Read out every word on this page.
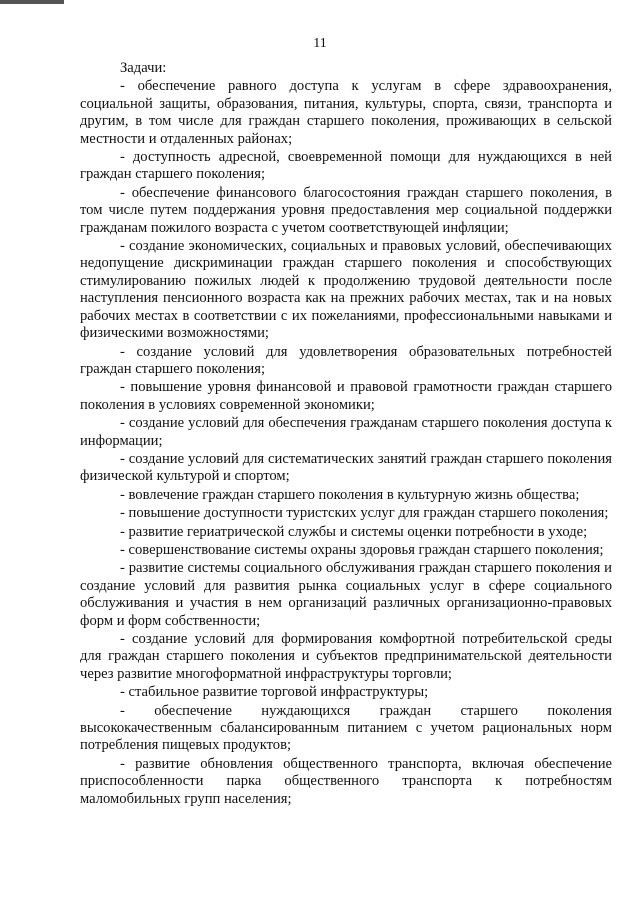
11

Задачи:

- обеспечение равного доступа к услугам в сфере здравоохранения, социальной защиты, образования, питания, культуры, спорта, связи, транспорта и другим, в том числе для граждан старшего поколения, проживающих в сельской местности и отдаленных районах;

- доступность адресной, своевременной помощи для нуждающихся в ней граждан старшего поколения;

- обеспечение финансового благосостояния граждан старшего поколения, в том числе путем поддержания уровня предоставления мер социальной поддержки гражданам пожилого возраста с учетом соответствующей инфляции;

- создание экономических, социальных и правовых условий, обеспечивающих недопущение дискриминации граждан старшего поколения и способствующих стимулированию пожилых людей к продолжению трудовой деятельности после наступления пенсионного возраста как на прежних рабочих местах, так и на новых рабочих местах в соответствии с их пожеланиями, профессиональными навыками и физическими возможностями;

- создание условий для удовлетворения образовательных потребностей граждан старшего поколения;

- повышение уровня финансовой и правовой грамотности граждан старшего поколения в условиях современной экономики;

- создание условий для обеспечения гражданам старшего поколения доступа к информации;

- создание условий для систематических занятий граждан старшего поколения физической культурой и спортом;

- вовлечение граждан старшего поколения в культурную жизнь общества;

- повышение доступности туристских услуг для граждан старшего поколения;

- развитие гериатрической службы и системы оценки потребности в уходе;

- совершенствование системы охраны здоровья граждан старшего поколения;

- развитие системы социального обслуживания граждан старшего поколения и создание условий для развития рынка социальных услуг в сфере социального обслуживания и участия в нем организаций различных организационно-правовых форм и форм собственности;

- создание условий для формирования комфортной потребительской среды для граждан старшего поколения и субъектов предпринимательской деятельности через развитие многоформатной инфраструктуры торговли;

- стабильное развитие торговой инфраструктуры;

- обеспечение нуждающихся граждан старшего поколения высококачественным сбалансированным питанием с учетом рациональных норм потребления пищевых продуктов;

- развитие обновления общественного транспорта, включая обеспечение приспособленности парка общественного транспорта к потребностям маломобильных групп населения;
